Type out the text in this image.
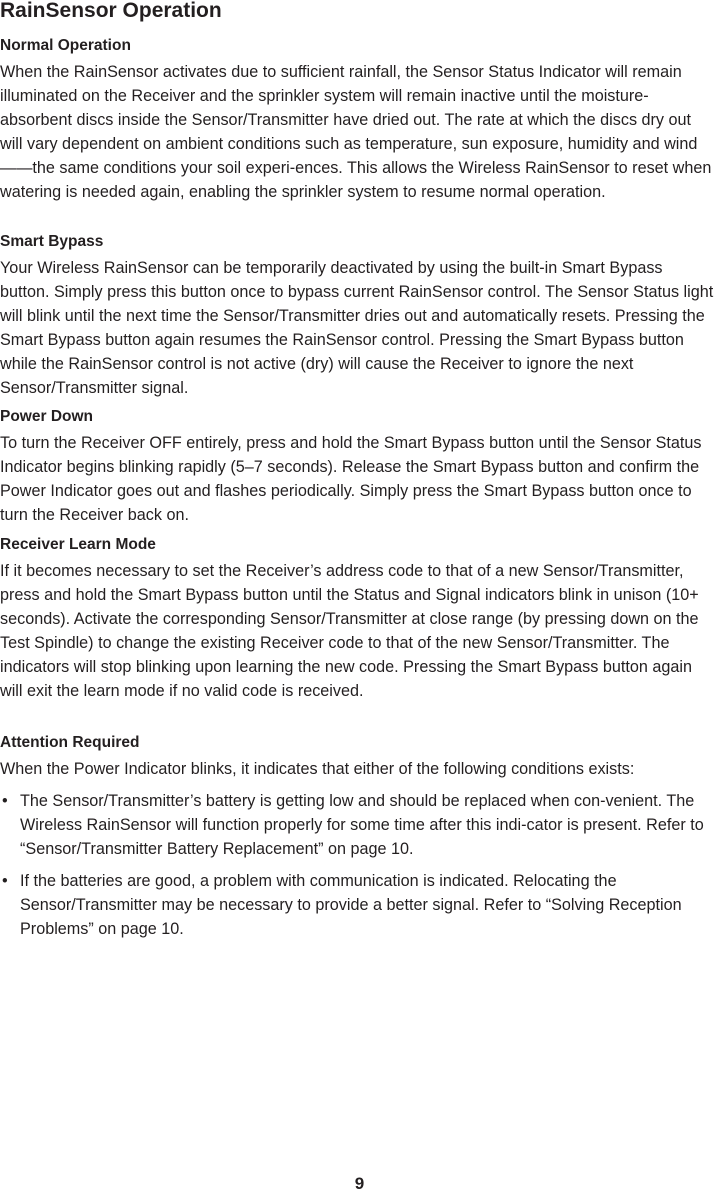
RainSensor Operation
Normal Operation

When the RainSensor activates due to sufficient rainfall, the Sensor Status Indicator will remain illuminated on the Receiver and the sprinkler system will remain inactive until the moisture-absorbent discs inside the Sensor/Transmitter have dried out. The rate at which the discs dry out will vary dependent on ambient conditions such as temperature, sun exposure, humidity and wind——the same conditions your soil experi-ences. This allows the Wireless RainSensor to reset when watering is needed again, enabling the sprinkler system to resume normal operation.

Smart Bypass

Your Wireless RainSensor can be temporarily deactivated by using the built-in Smart Bypass button. Simply press this button once to bypass current RainSensor control. The Sensor Status light will blink until the next time the Sensor/Transmitter dries out and automatically resets. Pressing the Smart Bypass button again resumes the RainSensor control. Pressing the Smart Bypass button while the RainSensor control is not active (dry) will cause the Receiver to ignore the next Sensor/Transmitter signal.

Power Down

To turn the Receiver OFF entirely, press and hold the Smart Bypass button until the Sensor Status Indicator begins blinking rapidly (5–7 seconds). Release the Smart Bypass button and confirm the Power Indicator goes out and flashes periodically. Simply press the Smart Bypass button once to turn the Receiver back on.

Receiver Learn Mode

If it becomes necessary to set the Receiver’s address code to that of a new Sensor/Transmitter, press and hold the Smart Bypass button until the Status and Signal indicators blink in unison (10+ seconds). Activate the corresponding Sensor/Transmitter at close range (by pressing down on the Test Spindle) to change the existing Receiver code to that of the new Sensor/Transmitter. The indicators will stop blinking upon learning the new code. Pressing the Smart Bypass button again will exit the learn mode if no valid code is received.

Attention Required

When the Power Indicator blinks, it indicates that either of the following conditions exists:

• The Sensor/Transmitter’s battery is getting low and should be replaced when con-venient. The Wireless RainSensor will function properly for some time after this indi-cator is present. Refer to “Sensor/Transmitter Battery Replacement” on page 10.
• If the batteries are good, a problem with communication is indicated. Relocating the Sensor/Transmitter may be necessary to provide a better signal. Refer to “Solving Reception Problems” on page 10.
9
